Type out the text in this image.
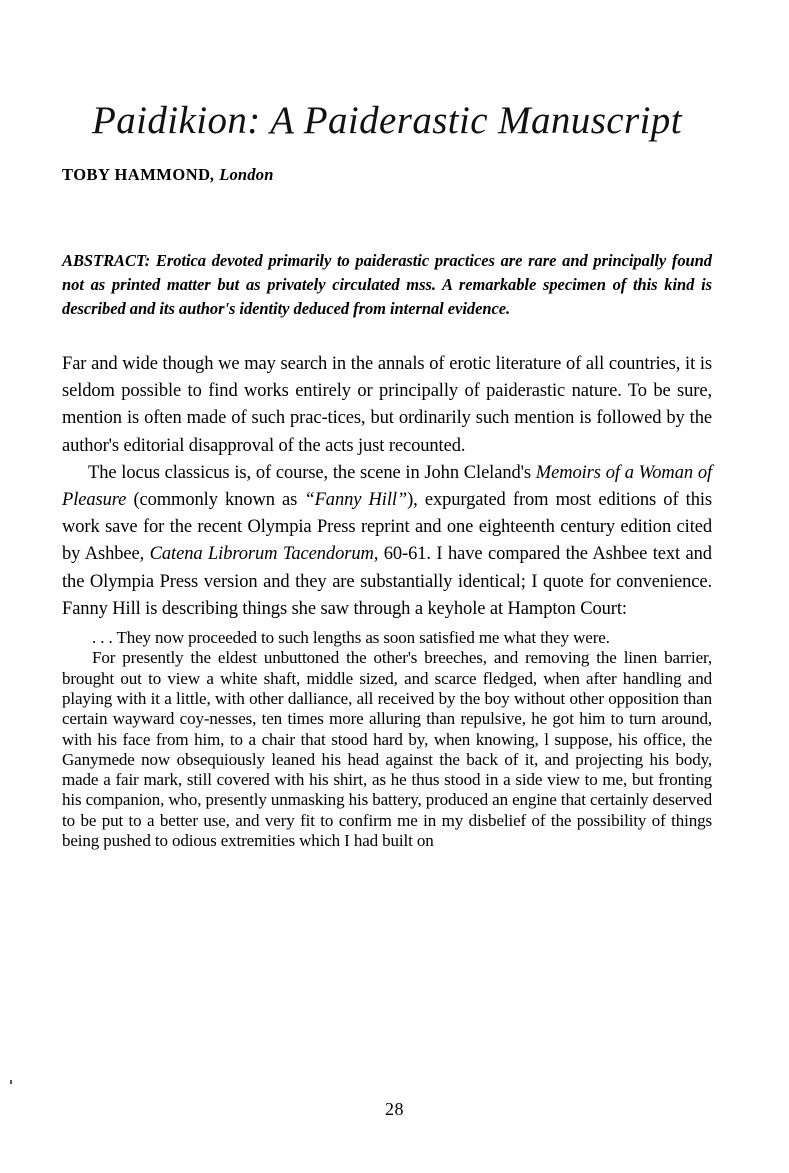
Paidikion: A Paiderastic Manuscript

TOBY HAMMOND, London

ABSTRACT: Erotica devoted primarily to paiderastic practices are rare and principally found not as printed matter but as privately circulated mss. A remarkable specimen of this kind is described and its author's identity deduced from internal evidence.

Far and wide though we may search in the annals of erotic literature of all countries, it is seldom possible to find works entirely or principally of paiderastic nature. To be sure, mention is often made of such prac-tices, but ordinarily such mention is followed by the author's editorial disapproval of the acts just recounted.

The locus classicus is, of course, the scene in John Cleland's Memoirs of a Woman of Pleasure (commonly known as “Fanny Hill”), expurgated from most editions of this work save for the recent Olympia Press reprint and one eighteenth century edition cited by Ashbee, Catena Librorum Tacendorum, 60-61. I have compared the Ashbee text and the Olympia Press version and they are substantially identical; I quote for convenience. Fanny Hill is describing things she saw through a keyhole at Hampton Court:

. . . They now proceeded to such lengths as soon satisfied me what they were.

For presently the eldest unbuttoned the other's breeches, and removing the linen barrier, brought out to view a white shaft, middle sized, and scarce fledged, when after handling and playing with it a little, with other dalliance, all received by the boy without other opposition than certain wayward coy-nesses, ten times more alluring than repulsive, he got him to turn around, with his face from him, to a chair that stood hard by, when knowing, l suppose, his office, the Ganymede now obsequiously leaned his head against the back of it, and projecting his body, made a fair mark, still covered with his shirt, as he thus stood in a side view to me, but fronting his companion, who, presently unmasking his battery, produced an engine that certainly deserved to be put to a better use, and very fit to confirm me in my disbelief of the possibility of things being pushed to odious extremities which I had built on

28
